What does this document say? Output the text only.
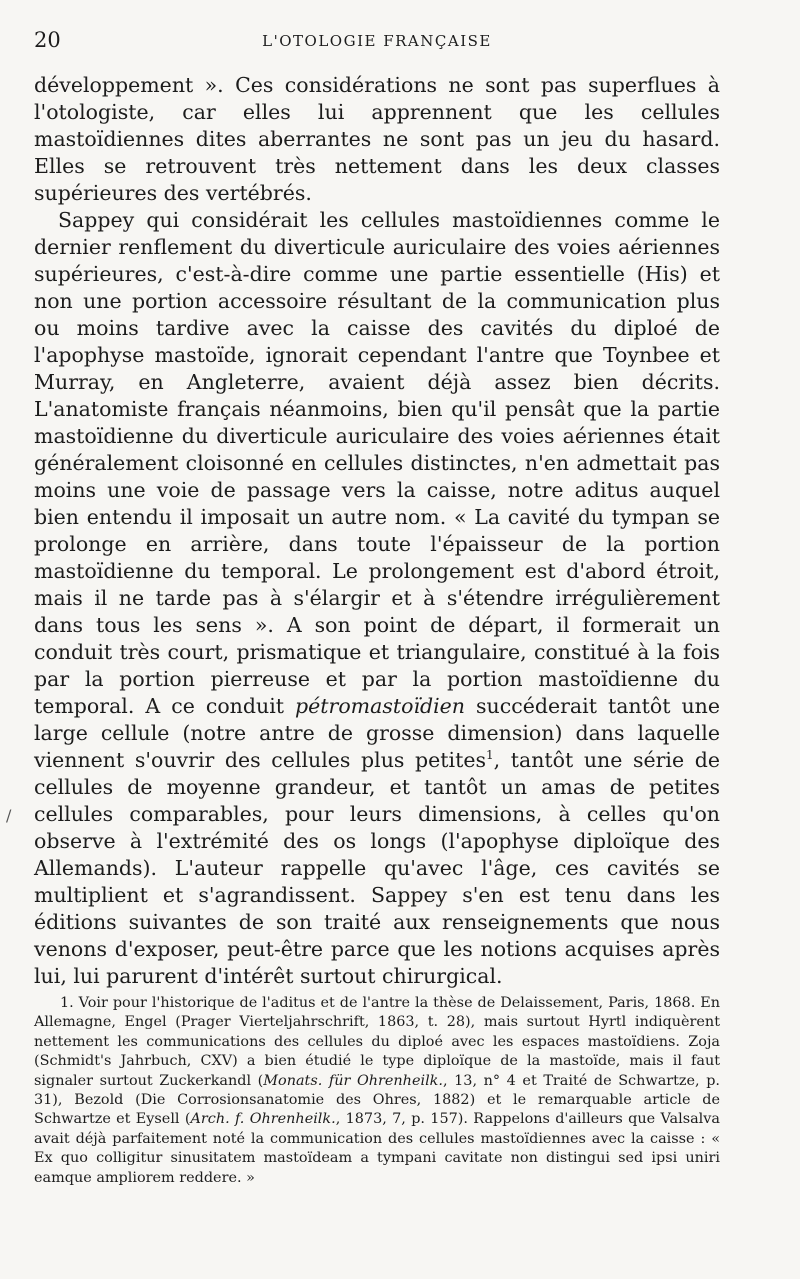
20	L'OTOLOGIE FRANÇAISE

développement ». Ces considérations ne sont pas superflues à l'otologiste, car elles lui apprennent que les cellules mastoïdiennes dites aberrantes ne sont pas un jeu du hasard. Elles se retrouvent très nettement dans les deux classes supérieures des vertébrés.

Sappey qui considérait les cellules mastoïdiennes comme le dernier renflement du diverticule auriculaire des voies aériennes supérieures, c'est-à-dire comme une partie essentielle (His) et non une portion accessoire résultant de la communication plus ou moins tardive avec la caisse des cavités du diploé de l'apophyse mastoïde, ignorait cependant l'antre que Toynbee et Murray, en Angleterre, avaient déjà assez bien décrits. L'anatomiste français néanmoins, bien qu'il pensât que la partie mastoïdienne du diverticule auriculaire des voies aériennes était généralement cloisonné en cellules distinctes, n'en admettait pas moins une voie de passage vers la caisse, notre aditus auquel bien entendu il imposait un autre nom. « La cavité du tympan se prolonge en arrière, dans toute l'épaisseur de la portion mastoïdienne du temporal. Le prolongement est d'abord étroit, mais il ne tarde pas à s'élargir et à s'étendre irrégulièrement dans tous les sens ». A son point de départ, il formerait un conduit très court, prismatique et triangulaire, constitué à la fois par la portion pierreuse et par la portion mastoïdienne du temporal. A ce conduit pétromastoïdien succéderait tantôt une large cellule (notre antre de grosse dimension) dans laquelle viennent s'ouvrir des cellules plus petites$^1$, tantôt une série de cellules de moyenne grandeur, et tantôt un amas de petites cellules comparables, pour leurs dimensions, à celles qu'on observe à l'extrémité des os longs (l'apophyse diploïque des Allemands). L'auteur rappelle qu'avec l'âge, ces cavités se multiplient et s'agrandissent. Sappey s'en est tenu dans les éditions suivantes de son traité aux renseignements que nous venons d'exposer, peut-être parce que les notions acquises après lui, lui parurent d'intérêt surtout chirurgical.

/

1. Voir pour l'historique de l'aditus et de l'antre la thèse de Delaissement, Paris, 1868. En Allemagne, Engel (Prager Vierteljahrschrift, 1863, t. 28), mais surtout Hyrtl indiquèrent nettement les communications des cellules du diploé avec les espaces mastoïdiens. Zoja (Schmidt's Jahrbuch, CXV) a bien étudié le type diploïque de la mastoïde, mais il faut signaler surtout Zuckerkandl (Monats. für Ohrenheilk., 13, n° 4 et Traité de Schwartze, p. 31), Bezold (Die Corrosionsanatomie des Ohres, 1882) et le remarquable article de Schwartze et Eysell (Arch. f. Ohrenheilk., 1873, 7, p. 157). Rappelons d'ailleurs que Valsalva avait déjà parfaitement noté la communication des cellules mastoïdiennes avec la caisse : « Ex quo colligitur sinusitatem mastoïdeam a tympani cavitate non distingui sed ipsi uniri eamque ampliorem reddere. »
